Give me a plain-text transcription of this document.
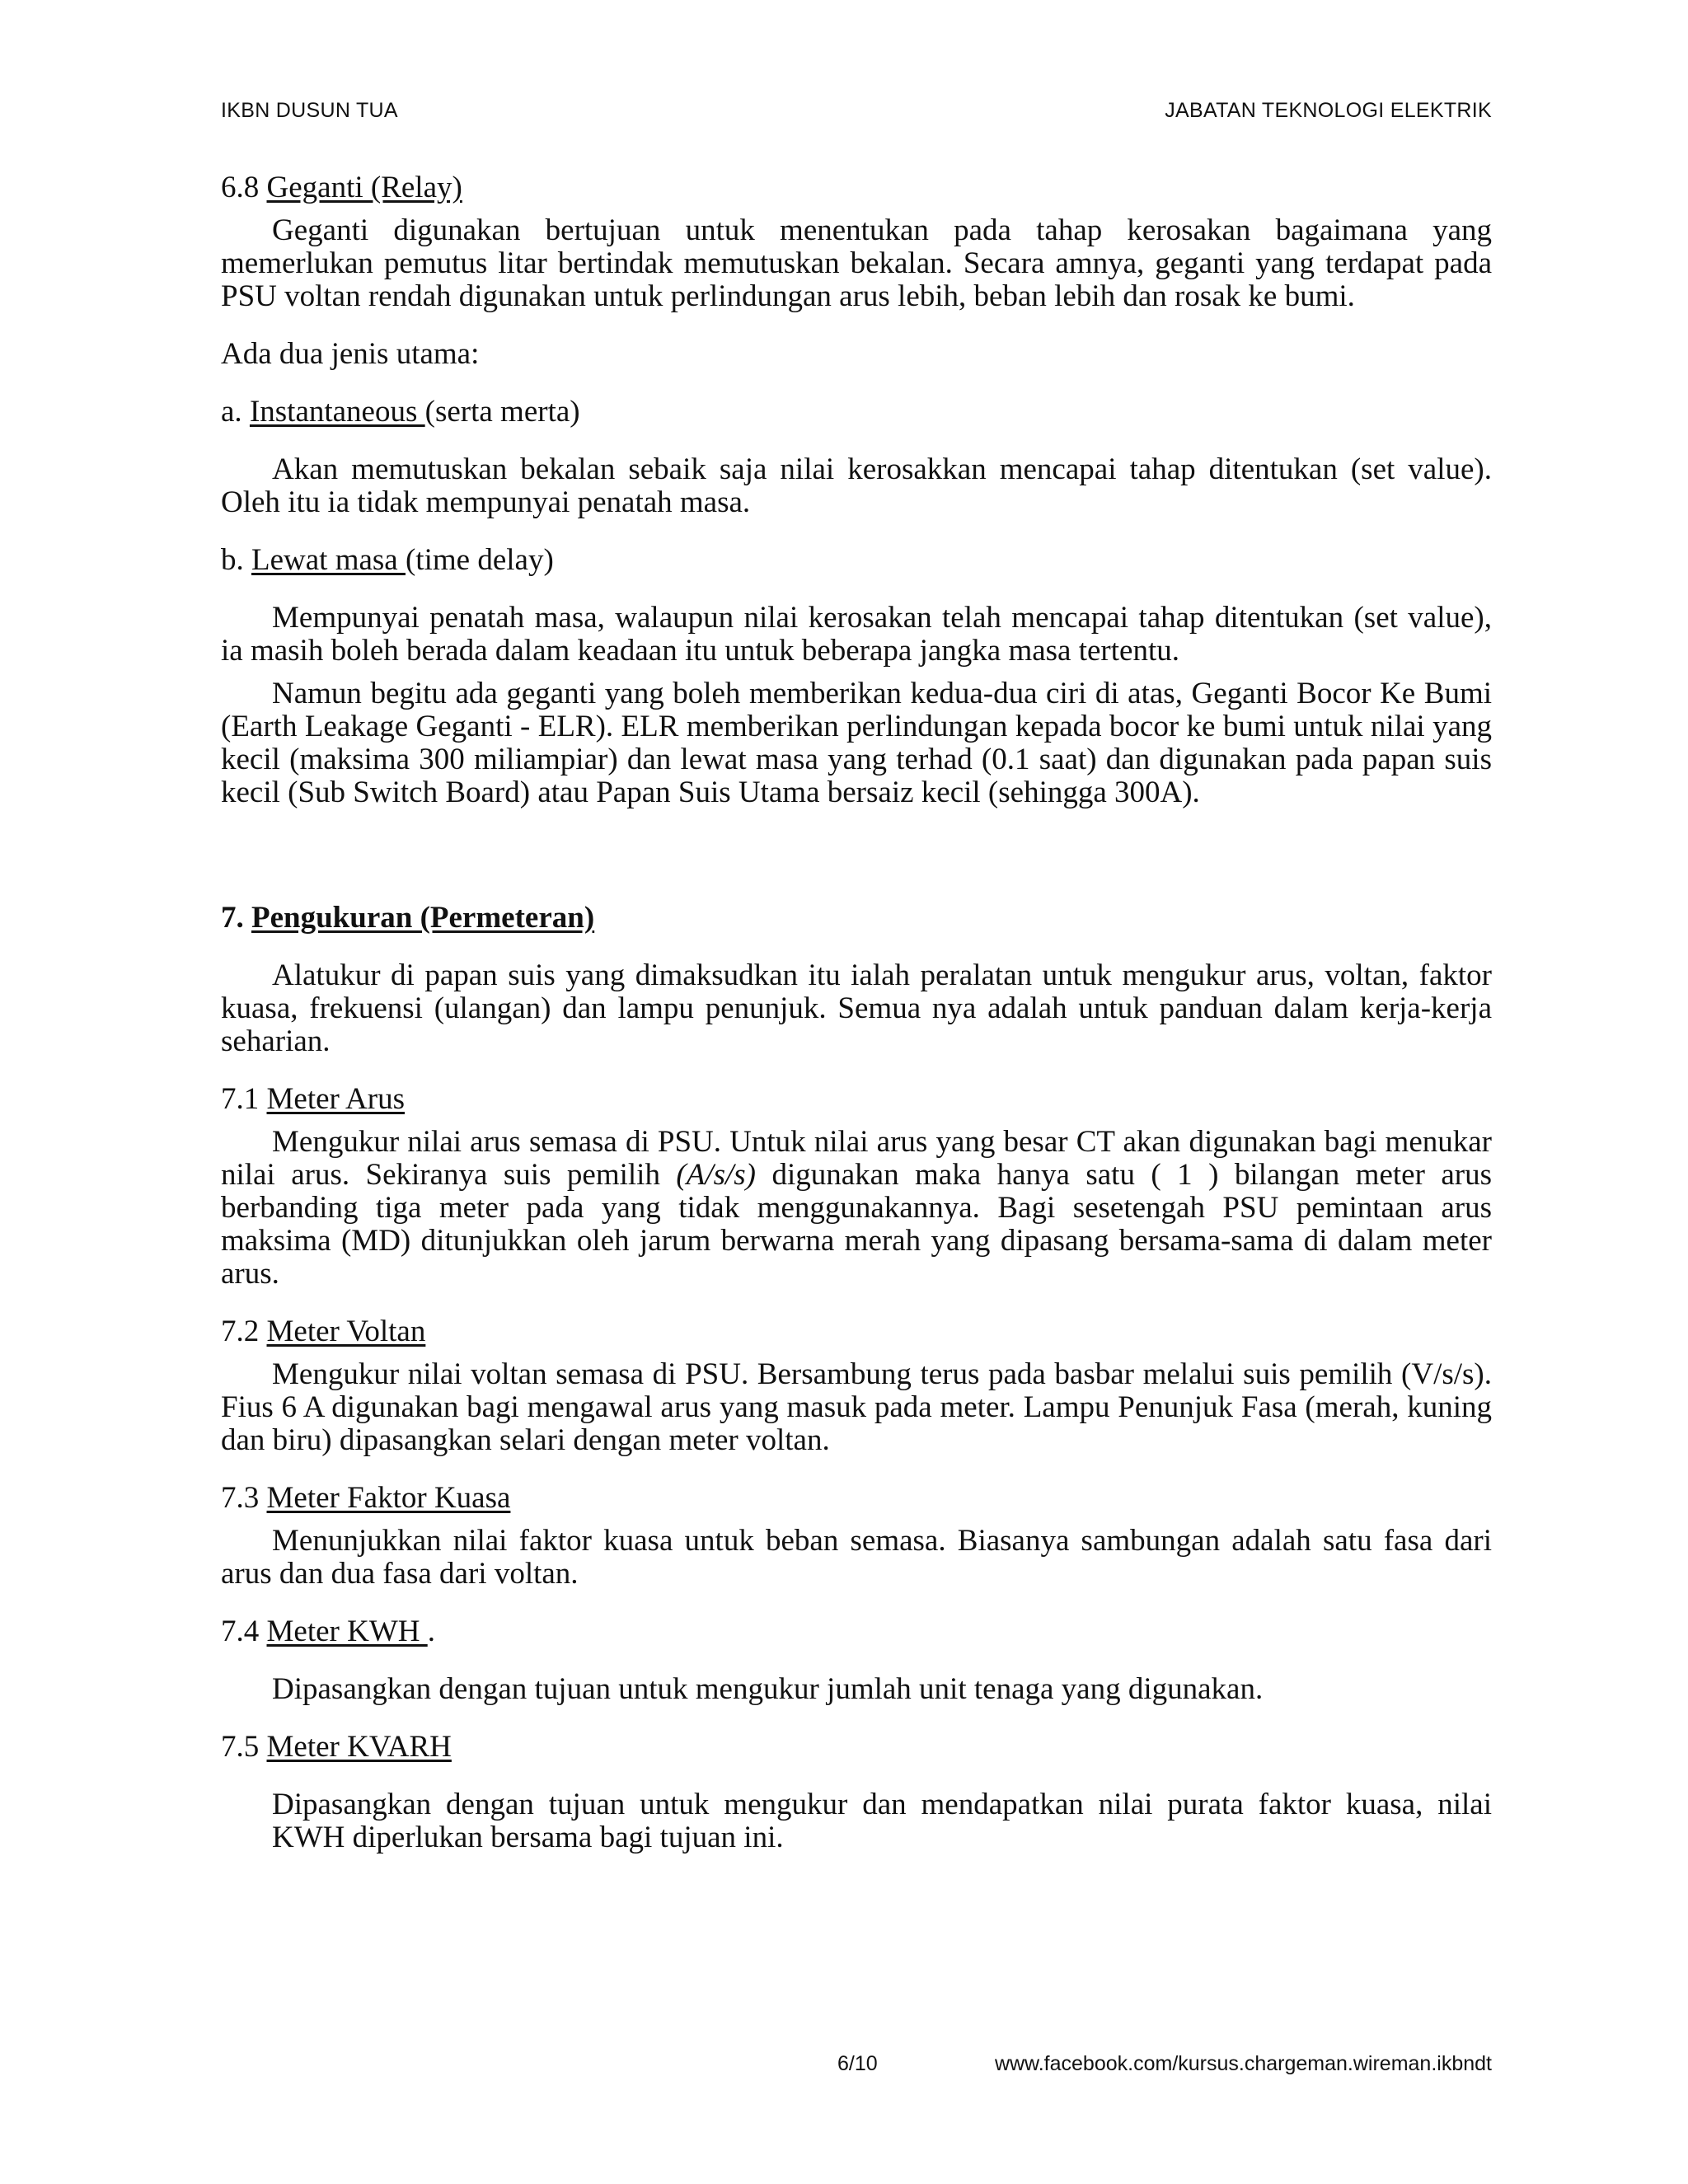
IKBN DUSUN TUA	JABATAN TEKNOLOGI ELEKTRIK

6.8 Geganti (Relay)

Geganti digunakan bertujuan untuk menentukan pada tahap kerosakan bagaimana yang memerlukan pemutus litar bertindak memutuskan bekalan. Secara amnya, geganti yang terdapat pada PSU voltan rendah digunakan untuk perlindungan arus lebih, beban lebih dan rosak ke bumi.

Ada dua jenis utama:

a. Instantaneous (serta merta)

Akan memutuskan bekalan sebaik saja nilai kerosakkan mencapai tahap ditentukan (set value). Oleh itu ia tidak mempunyai penatah masa.

b. Lewat masa (time delay)

Mempunyai penatah masa, walaupun nilai kerosakan telah mencapai tahap ditentukan (set value), ia masih boleh berada dalam keadaan itu untuk beberapa jangka masa tertentu.

Namun begitu ada geganti yang boleh memberikan kedua-dua ciri di atas, Geganti Bocor Ke Bumi (Earth Leakage Geganti - ELR). ELR memberikan perlindungan kepada bocor ke bumi untuk nilai yang kecil (maksima 300 miliampiar) dan lewat masa yang terhad (0.1 saat) dan digunakan pada papan suis kecil (Sub Switch Board) atau Papan Suis Utama bersaiz kecil (sehingga 300A).

7. Pengukuran (Permeteran)

Alatukur di papan suis yang dimaksudkan itu ialah peralatan untuk mengukur arus, voltan, faktor kuasa, frekuensi (ulangan) dan lampu penunjuk. Semua nya adalah untuk panduan dalam kerja-kerja seharian.

7.1 Meter Arus

Mengukur nilai arus semasa di PSU. Untuk nilai arus yang besar CT akan digunakan bagi menukar nilai arus. Sekiranya suis pemilih (A/s/s) digunakan maka hanya satu ( 1 ) bilangan meter arus berbanding tiga meter pada yang tidak menggunakannya. Bagi sesetengah PSU pemintaan arus maksima (MD) ditunjukkan oleh jarum berwarna merah yang dipasang bersama-sama di dalam meter arus.

7.2 Meter Voltan

Mengukur nilai voltan semasa di PSU. Bersambung terus pada basbar melalui suis pemilih (V/s/s). Fius 6 A digunakan bagi mengawal arus yang masuk pada meter. Lampu Penunjuk Fasa (merah, kuning dan biru) dipasangkan selari dengan meter voltan.

7.3 Meter Faktor Kuasa

Menunjukkan nilai faktor kuasa untuk beban semasa. Biasanya sambungan adalah satu fasa dari arus dan dua fasa dari voltan.

7.4 Meter KWH .

Dipasangkan dengan tujuan untuk mengukur jumlah unit tenaga yang digunakan.

7.5 Meter KVARH

Dipasangkan dengan tujuan untuk mengukur dan mendapatkan nilai purata faktor kuasa, nilai KWH diperlukan bersama bagi tujuan ini.

6/10	www.facebook.com/kursus.chargeman.wireman.ikbndt
